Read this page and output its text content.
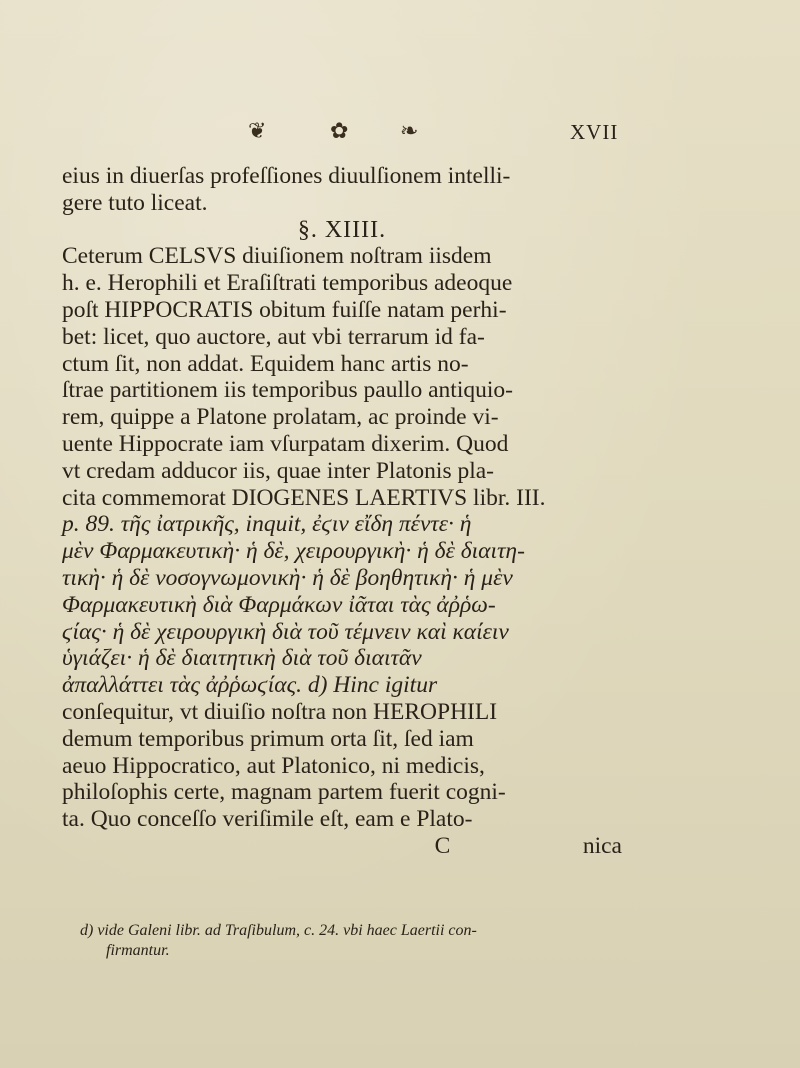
❦	✿ ❧	XVII
eius in diuerſas profeſſiones diuulſionem intelli-
gere tuto liceat.
§. XIIII.
Ceterum CELSVS diuiſionem noſtram iisdem
h. e. Herophili et Eraſiſtrati temporibus adeoque
poſt HIPPOCRATIS obitum fuiſſe natam perhi-
bet: licet, quo auctore, aut vbi terrarum id fa-
ctum ſit, non addat. Equidem hanc artis no-
ſtrae partitionem iis temporibus paullo antiquio-
rem, quippe a Platone prolatam, ac proinde vi-
uente Hippocrate iam vſurpatam dixerim. Quod
vt credam adducor iis, quae inter Platonis pla-
cita commemorat DIOGENES LAERTIVS libr. III.
p. 89. τῆς ἰατρικῆς, inquit, ἐϛιν εἴδη πέντε· ἡ
μὲν Φαρμακευτικὴ· ἡ δὲ, χειρουργικὴ· ἡ δὲ διαιτη-
τικὴ· ἡ δὲ νοσογνωμονικὴ· ἡ δὲ βοηθητικὴ· ἡ μὲν
Φαρμακευτικὴ διὰ Φαρμάκων ἰᾶται τὰς ἀῤῥω-
ϛίας· ἡ δὲ χειρουργικὴ διὰ τοῦ τέμνειν καὶ καίειν
ὑγιάζει· ἡ δὲ διαιτητικὴ διὰ τοῦ διαιτᾶν
ἀπαλλάττει τὰς ἀῤῥωϛίας. d) Hinc igitur
conſequitur, vt diuiſio noſtra non HEROPHILI
demum temporibus primum orta ſit, ſed iam
aeuo Hippocratico, aut Platonico, ni medicis,
philoſophis certe, magnam partem fuerit cogni-
ta. Quo conceſſo veriſimile eſt, eam e Plato-
C	nica
d) vide Galeni libr. ad Traſibulum, c. 24. vbi haec Laertii con-
firmantur.
